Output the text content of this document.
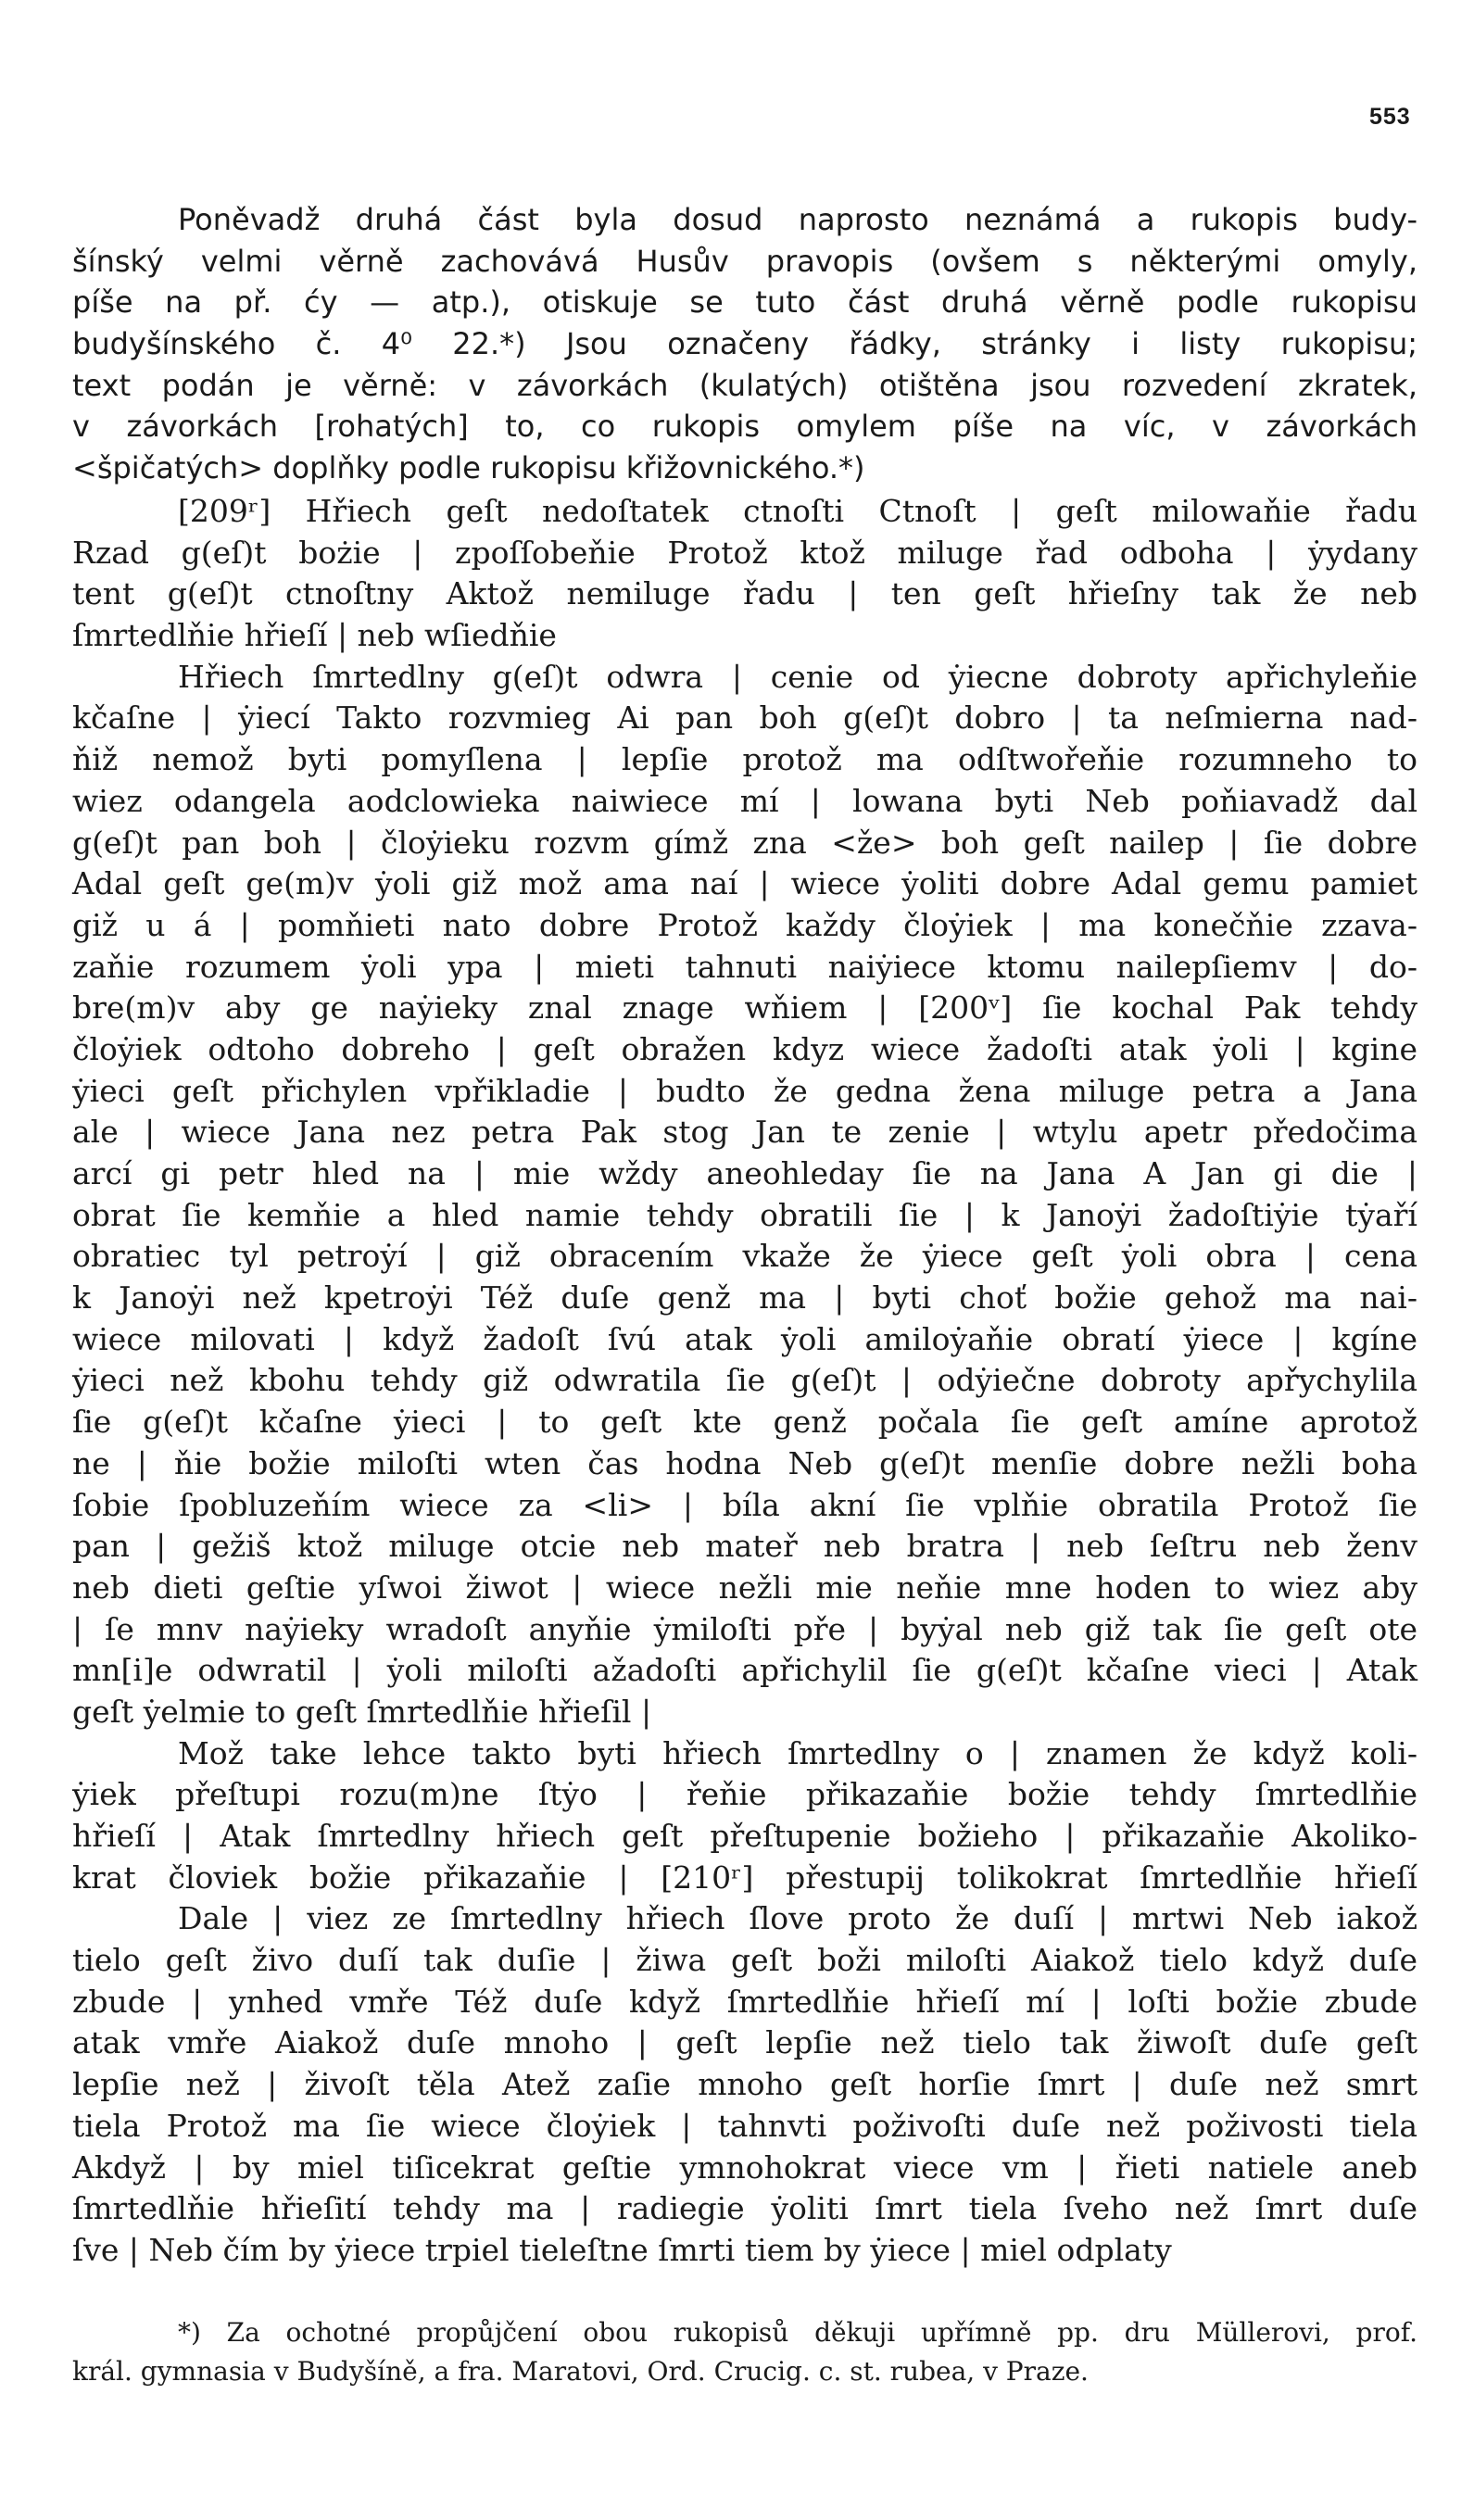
553
Poněvadž druhá část byla dosud naprosto neznámá a rukopis budy-
šínský velmi věrně zachovává Husův pravopis (ovšem s některými omyly,
píše na př. ćy — atp.), otiskuje se tuto část druhá věrně podle rukopisu
budyšínského č. 4⁰ 22.*) Jsou označeny řádky, stránky i listy rukopisu;
text podán je věrně: v závorkách (kulatých) otištěna jsou rozvedení zkratek,
v závorkách [rohatých] to, co rukopis omylem píše na víc, v závorkách
<špičatých> doplňky podle rukopisu křižovnického.*)
[209ʳ] Hřiech geſt nedoſtatek ctnoſti Ctnoſt | geſt milowaňie řadu
Rzad g(eſ)t bożie | zpoſſobeňie Protož ktož miluge řad odboha | ẏydany
tent g(eſ)t ctnoſtny Aktož nemiluge řadu | ten geſt hřieſny tak že neb
ſmrtedlňie hřieſí | neb wſiedňie
Hřiech ſmrtedlny g(eſ)t odwra | cenie od ẏiecne dobroty apřichyleňie
kčaſne | ẏiecí Takto rozvmieg Ai pan boh g(eſ)t dobro | ta neſmierna nad-
ňiž nemož byti pomyſlena | lepſie protož ma odſtwořeňie rozumneho to
wiez odangela aodclowieka naiwiece mí | lowana byti Neb poňiavadž dal
g(eſ)t pan boh | čloẏieku rozvm gímž zna <že> boh geſt nailep | ſie dobre
Adal geſt ge(m)v ẏoli giž mož ama naí | wiece ẏoliti dobre Adal gemu pamiet
giž u á | pomňieti nato dobre Protož každy čloẏiek | ma konečňie zzava-
zaňie rozumem ẏoli ypa | mieti tahnuti naiẏiece ktomu nailepſiemv | do-
bre(m)v aby ge naẏieky znal znage wňiem | [200ᵛ] ſie kochal Pak tehdy
čloẏiek odtoho dobreho | geſt obražen kdyz wiece žadoſti atak ẏoli | kgine
ẏieci geſt přichylen vpřikladie | budto že gedna žena miluge petra a Jana
ale | wiece Jana nez petra Pak stog Jan te zenie | wtylu apetr předočima
arcí gi petr hled na | mie wždy aneohleday ſie na Jana A Jan gi die |
obrat ſie kemňie a hled namie tehdy obratili ſie | k Janoẏi žadoſtiẏie tẏaří
obratiec tyl petroẏí | giž obracením vkaže že ẏiece geſt ẏoli obra | cena
k Janoẏi než kpetroẏi Též duſe genž ma | byti choť božie gehož ma nai-
wiece milovati | když žadoſt ſvú atak ẏoli amiloẏaňie obratí ẏiece | kgíne
ẏieci než kbohu tehdy giž odwratila ſie g(eſ)t | odẏiečne dobroty apřychylila
ſie g(eſ)t kčaſne ẏieci | to geſt kte genž počala ſie geſt amíne aprotož
ne | ňie božie miloſti wten čas hodna Neb g(eſ)t menſie dobre nežli boha
ſobie ſpobluzeňím wiece za <li> | bíla akní ſie vplňie obratila Protož ſie
pan | gežiš ktož miluge otcie neb mateř neb bratra | neb ſeſtru neb ženv
neb dieti geſtie yſwoi žiwot | wiece nežli mie neňie mne hoden to wiez aby
| ſe mnv naẏieky wradoſt anyňie ẏmiloſti pře | byẏal neb giž tak ſie geſt ote
mn[i]e odwratil | ẏoli miloſti ažadoſti apřichylil ſie g(eſ)t kčaſne vieci | Atak
geſt ẏelmie to geſt ſmrtedlňie hřieſil |
Mož take lehce takto byti hřiech ſmrtedlny o | znamen že když koli-
ẏiek přeſtupi rozu(m)ne ſtẏo | řeňie přikazaňie božie tehdy ſmrtedlňie
hřieſí | Atak ſmrtedlny hřiech geſt přeſtupenie božieho | přikazaňie Akoliko-
krat človiek božie přikazaňie | [210ʳ] přestupij tolikokrat ſmrtedlňie hřieſí
Dale | viez ze ſmrtedlny hřiech ſlove proto že duſí | mrtwi Neb iakož
tielo geſt živo duſí tak duſie | žiwa geſt boži miloſti Aiakož tielo když duſe
zbude | ynhed vmře Též duſe když ſmrtedlňie hřieſí mí | loſti božie zbude
atak vmře Aiakož duſe mnoho | geſt lepſie než tielo tak žiwoſt duſe geſt
lepſie než | živoſt těla Atež zaſie mnoho geſt horſie ſmrt | duſe než smrt
tiela Protož ma ſie wiece čloẏiek | tahnvti poživoſti duſe než poživosti tiela
Akdyž | by miel tiſicekrat geſtie ymnohokrat viece vm | řieti natiele aneb
ſmrtedlňie hřieſití tehdy ma | radiegie ẏoliti ſmrt tiela ſveho než ſmrt duſe
ſve | Neb čím by ẏiece trpiel tieleſtne ſmrti tiem by ẏiece | miel odplaty
*) Za ochotné propůjčení obou rukopisů děkuji upřímně pp. dru Müllerovi, prof.
král. gymnasia v Budyšíně, a fra. Maratovi, Ord. Crucig. c. st. rubea, v Praze.
